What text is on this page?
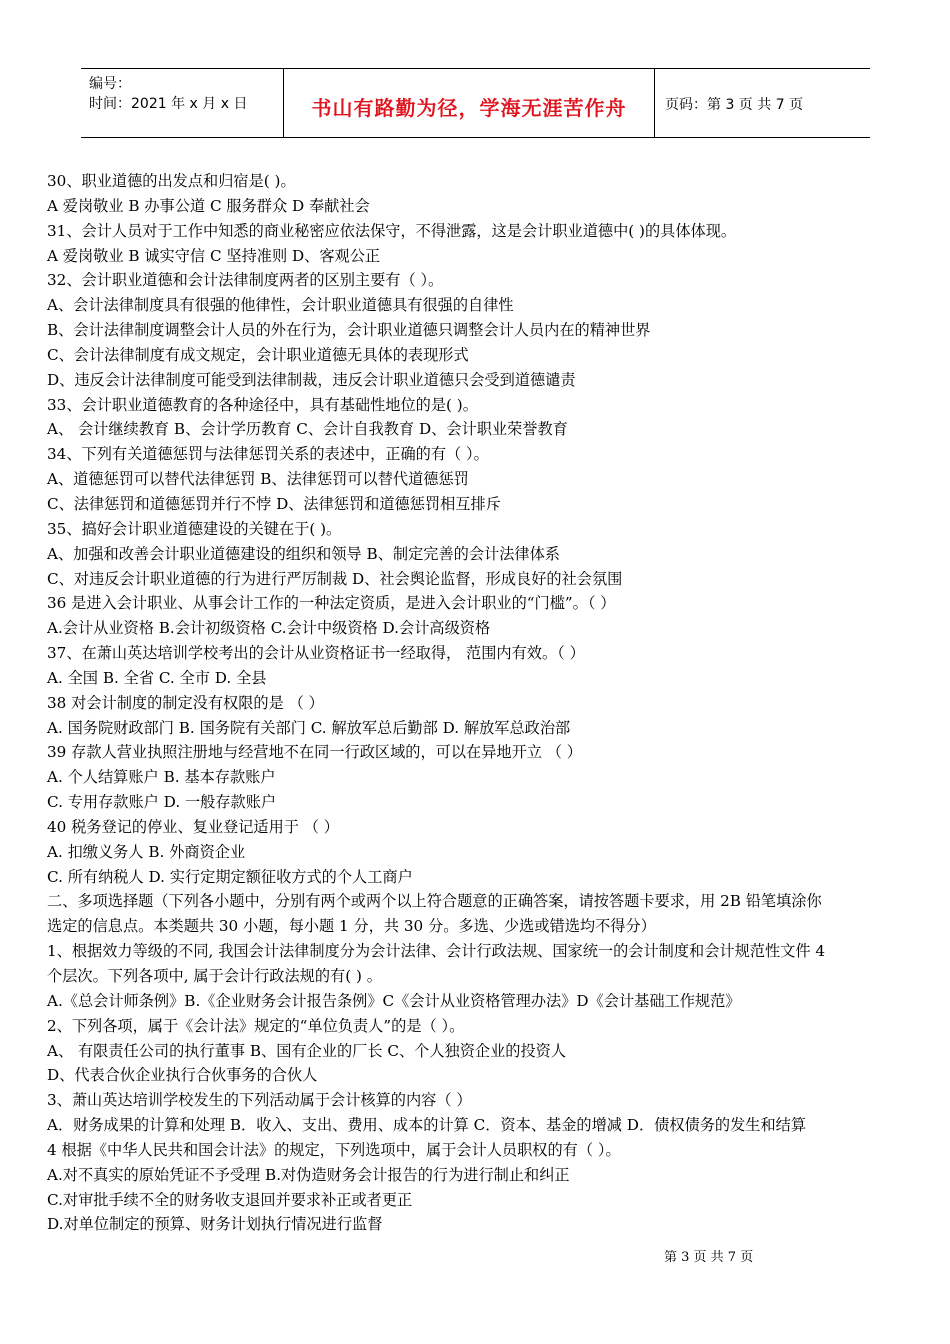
编号：
时间：2021 年 x 月 x 日	书山有路勤为径，学海无涯苦作舟	页码：第 3 页 共 7 页
30、职业道德的出发点和归宿是( )。
A 爱岗敬业 B 办事公道 C 服务群众 D 奉献社会
31、会计人员对于工作中知悉的商业秘密应依法保守，不得泄露，这是会计职业道德中( )的具体体现。
A 爱岗敬业 B 诚实守信 C 坚持准则 D、客观公正
32、会计职业道德和会计法律制度两者的区别主要有（ ）。
A、会计法律制度具有很强的他律性，会计职业道德具有很强的自律性
B、会计法律制度调整会计人员的外在行为，会计职业道德只调整会计人员内在的精神世界
C、会计法律制度有成文规定，会计职业道德无具体的表现形式
D、违反会计法律制度可能受到法律制裁，违反会计职业道德只会受到道德谴责
33、会计职业道德教育的各种途径中，具有基础性地位的是( )。
A、 会计继续教育 B、会计学历教育 C、会计自我教育 D、会计职业荣誉教育
34、下列有关道德惩罚与法律惩罚关系的表述中，正确的有（ ）。
A、道德惩罚可以替代法律惩罚 B、法律惩罚可以替代道德惩罚
C、法律惩罚和道德惩罚并行不悖 D、法律惩罚和道德惩罚相互排斥
35、搞好会计职业道德建设的关键在于( )。
A、加强和改善会计职业道德建设的组织和领导 B、制定完善的会计法律体系
C、对违反会计职业道德的行为进行严厉制裁 D、社会舆论监督，形成良好的社会氛围
36 是进入会计职业、从事会计工作的一种法定资质，是进入会计职业的“门槛”。（ ）
A.会计从业资格 B.会计初级资格 C.会计中级资格 D.会计高级资格
37、在萧山英达培训学校考出的会计从业资格证书一经取得， 范围内有效。（ ）
A. 全国 B. 全省 C. 全市 D. 全县
38 对会计制度的制定没有权限的是 （ ）
A. 国务院财政部门 B. 国务院有关部门 C. 解放军总后勤部 D. 解放军总政治部
39 存款人营业执照注册地与经营地不在同一行政区域的，可以在异地开立 （ ）
A. 个人结算账户 B. 基本存款账户
C. 专用存款账户 D. 一般存款账户
40 税务登记的停业、复业登记适用于 （ ）
A. 扣缴义务人 B. 外商资企业
C. 所有纳税人 D. 实行定期定额征收方式的个人工商户
二、多项选择题（下列各小题中，分别有两个或两个以上符合题意的正确答案，请按答题卡要求，用 2B 铅笔填涂你
选定的信息点。本类题共 30 小题，每小题 1 分，共 30 分。多选、少选或错选均不得分）
1、根据效力等级的不同, 我国会计法律制度分为会计法律、会计行政法规、国家统一的会计制度和会计规范性文件 4
个层次。下列各项中, 属于会计行政法规的有( ) 。
A.《总会计师条例》B.《企业财务会计报告条例》C《会计从业资格管理办法》D《会计基础工作规范》
2、下列各项，属于《会计法》规定的“单位负责人”的是（ ）。
A、 有限责任公司的执行董事 B、国有企业的厂长 C、个人独资企业的投资人
D、代表合伙企业执行合伙事务的合伙人
3、萧山英达培训学校发生的下列活动属于会计核算的内容（ ）
A．财务成果的计算和处理 B．收入、支出、费用、成本的计算 C．资本、基金的增减 D．债权债务的发生和结算
4 根据《中华人民共和国会计法》的规定，下列选项中，属于会计人员职权的有（ ）。
A.对不真实的原始凭证不予受理 B.对伪造财务会计报告的行为进行制止和纠正
C.对审批手续不全的财务收支退回并要求补正或者更正
D.对单位制定的预算、财务计划执行情况进行监督
第 3 页 共 7 页
